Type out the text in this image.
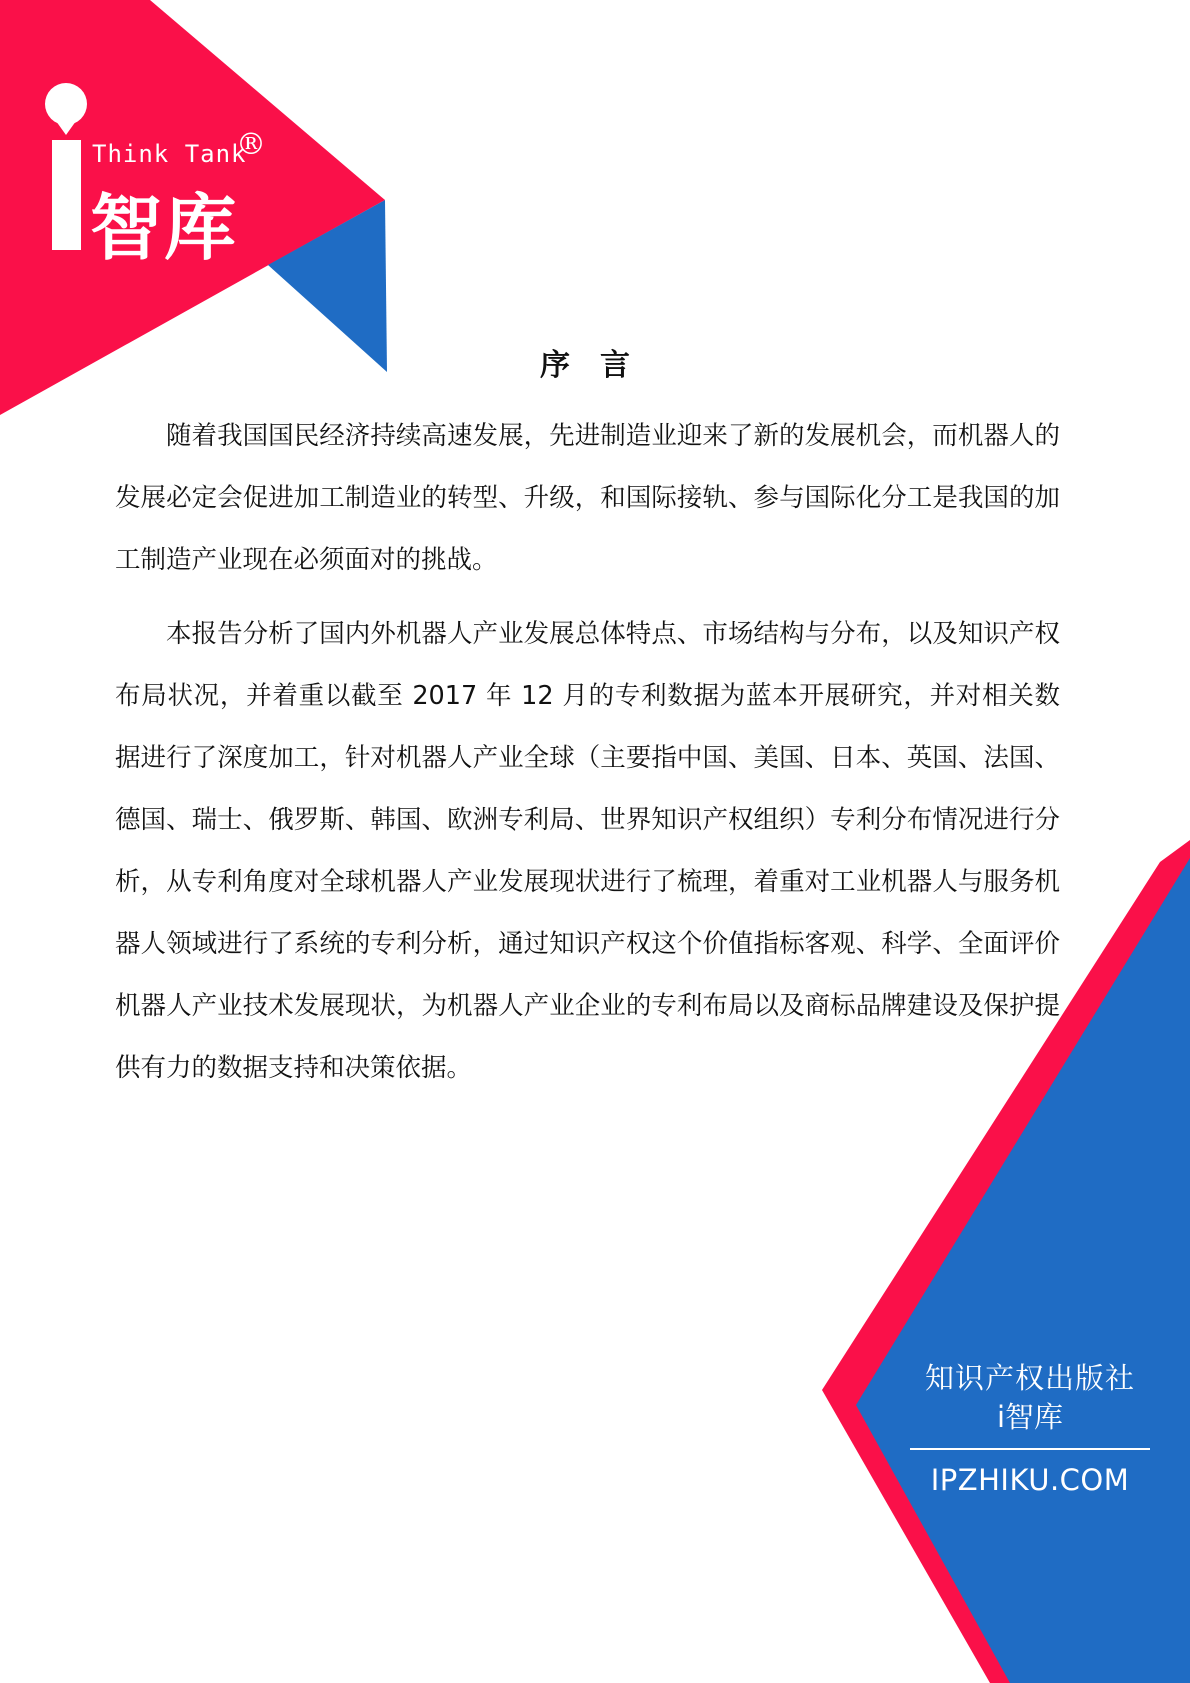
Think Tank
®
智库
序言

随着我国国民经济持续高速发展，先进制造业迎来了新的发展机会，而机器人的发展必定会促进加工制造业的转型、升级，和国际接轨、参与国际化分工是我国的加工制造产业现在必须面对的挑战。

本报告分析了国内外机器人产业发展总体特点、市场结构与分布，以及知识产权布局状况，并着重以截至 2017 年 12 月的专利数据为蓝本开展研究，并对相关数据进行了深度加工，针对机器人产业全球（主要指中国、美国、日本、英国、法国、德国、瑞士、俄罗斯、韩国、欧洲专利局、世界知识产权组织）专利分布情况进行分析，从专利角度对全球机器人产业发展现状进行了梳理，着重对工业机器人与服务机器人领域进行了系统的专利分析，通过知识产权这个价值指标客观、科学、全面评价机器人产业技术发展现状，为机器人产业企业的专利布局以及商标品牌建设及保护提供有力的数据支持和决策依据。

知识产权出版社
i智库
IPZHIKU.COM
